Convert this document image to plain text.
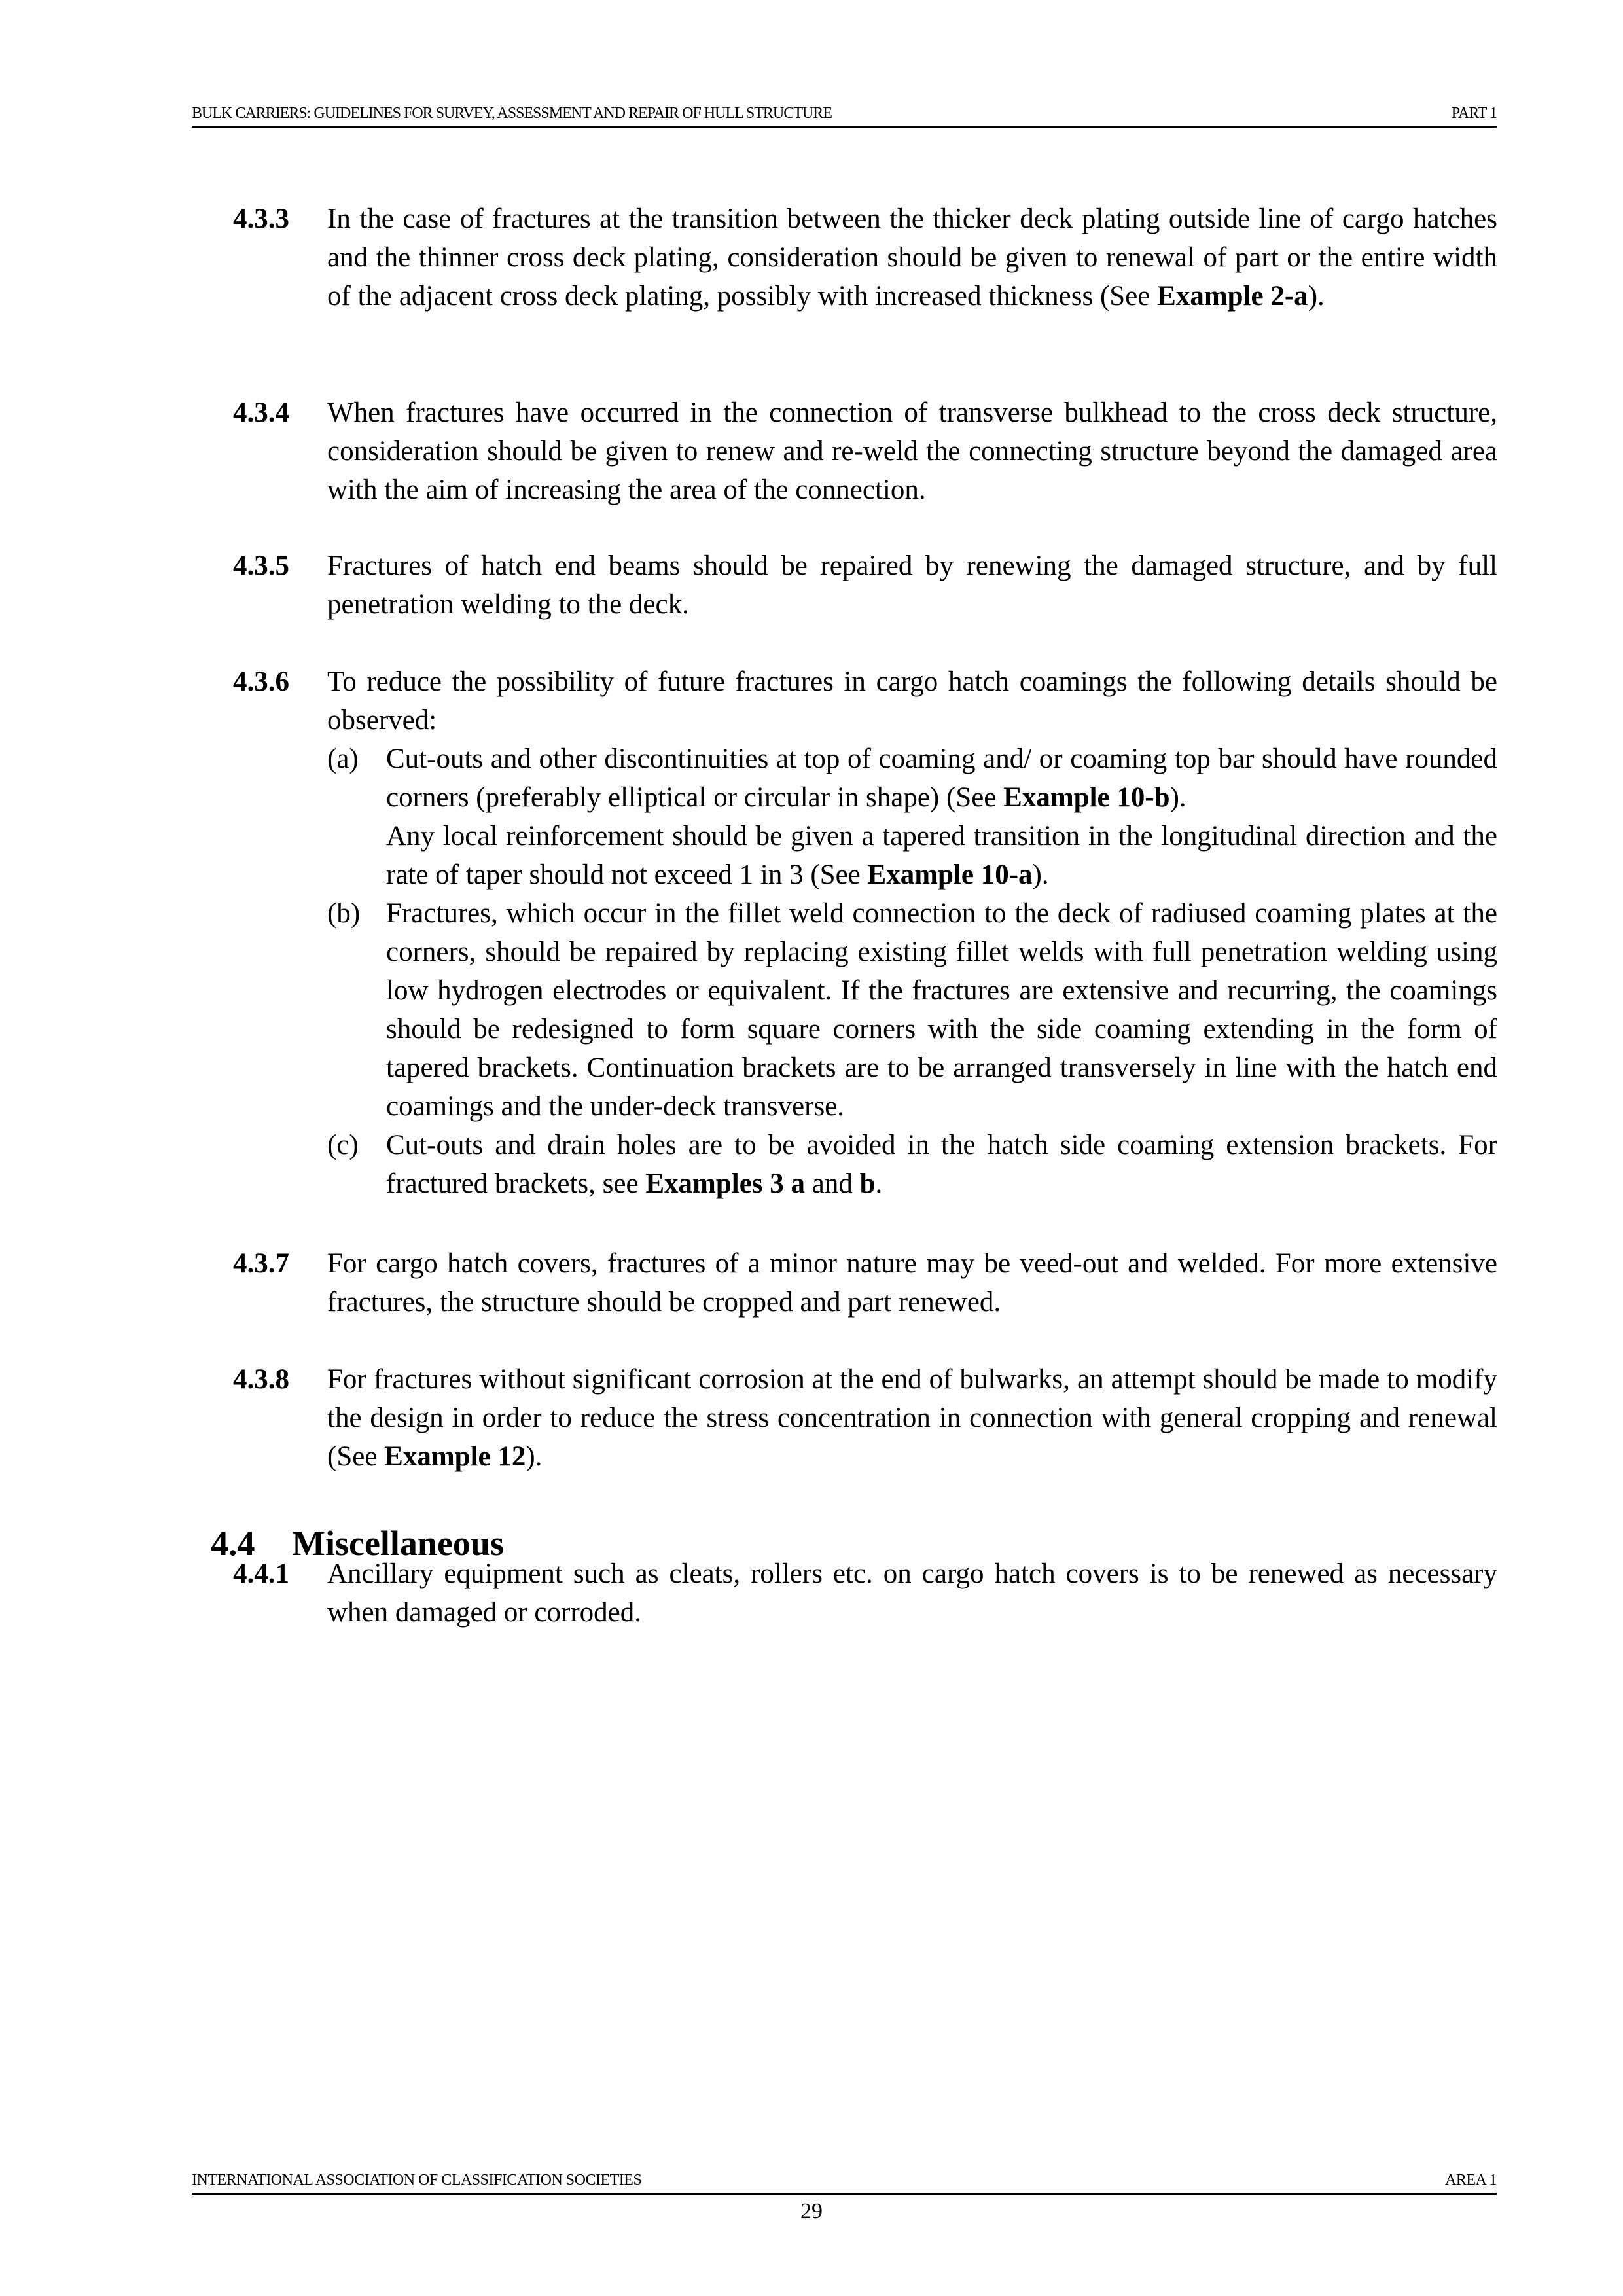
BULK CARRIERS: GUIDELINES FOR SURVEY, ASSESSMENT AND REPAIR OF HULL STRUCTURE	PART 1
4.3.3 In the case of fractures at the transition between the thicker deck plating outside line of cargo hatches and the thinner cross deck plating, consideration should be given to renewal of part or the entire width of the adjacent cross deck plating, possibly with increased thickness (See Example 2-a).
4.3.4 When fractures have occurred in the connection of transverse bulkhead to the cross deck structure, consideration should be given to renew and re-weld the connecting structure beyond the damaged area with the aim of increasing the area of the connection.
4.3.5 Fractures of hatch end beams should be repaired by renewing the damaged structure, and by full penetration welding to the deck.
4.3.6 To reduce the possibility of future fractures in cargo hatch coamings the following details should be observed:
(a) Cut-outs and other discontinuities at top of coaming and/ or coaming top bar should have rounded corners (preferably elliptical or circular in shape) (See Example 10-b).
Any local reinforcement should be given a tapered transition in the longitudinal direction and the rate of taper should not exceed 1 in 3 (See Example 10-a).
(b) Fractures, which occur in the fillet weld connection to the deck of radiused coaming plates at the corners, should be repaired by replacing existing fillet welds with full penetration welding using low hydrogen electrodes or equivalent. If the fractures are extensive and recurring, the coamings should be redesigned to form square corners with the side coaming extending in the form of tapered brackets. Continuation brackets are to be arranged transversely in line with the hatch end coamings and the under-deck transverse.
(c) Cut-outs and drain holes are to be avoided in the hatch side coaming extension brackets. For fractured brackets, see Examples 3 a and b.
4.3.7 For cargo hatch covers, fractures of a minor nature may be veed-out and welded. For more extensive fractures, the structure should be cropped and part renewed.
4.3.8 For fractures without significant corrosion at the end of bulwarks, an attempt should be made to modify the design in order to reduce the stress concentration in connection with general cropping and renewal (See Example 12).
4.4 Miscellaneous
4.4.1 Ancillary equipment such as cleats, rollers etc. on cargo hatch covers is to be renewed as necessary when damaged or corroded.
INTERNATIONAL ASSOCIATION OF CLASSIFICATION SOCIETIES	AREA 1
29
